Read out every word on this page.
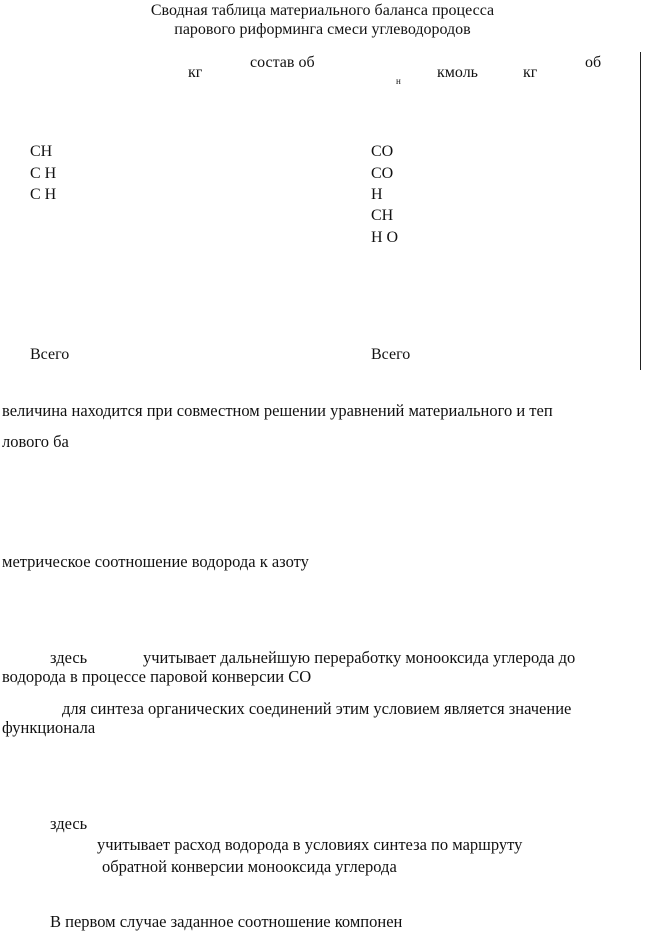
Сводная таблица материального баланса процесса
парового риформинга смеси углеводородов
кг
состав об
н кмоль	кг
об
CH
C H
C H
Всего
CO
CO
H
CH
H O
Всего
величина находится при совместном решении уравнений материального и теп
лового ба
метрическое соотношение водорода к азоту
здесь	учитывает дальнейшую переработку монооксида углерода до
водорода в процессе паровой конверсии CO
для синтеза органических соединений этим условием является значение
функционала
здесь
учитывает расход водорода в условиях синтеза по маршруту
обратной конверсии монооксида углерода
В первом случае заданное соотношение компонен
